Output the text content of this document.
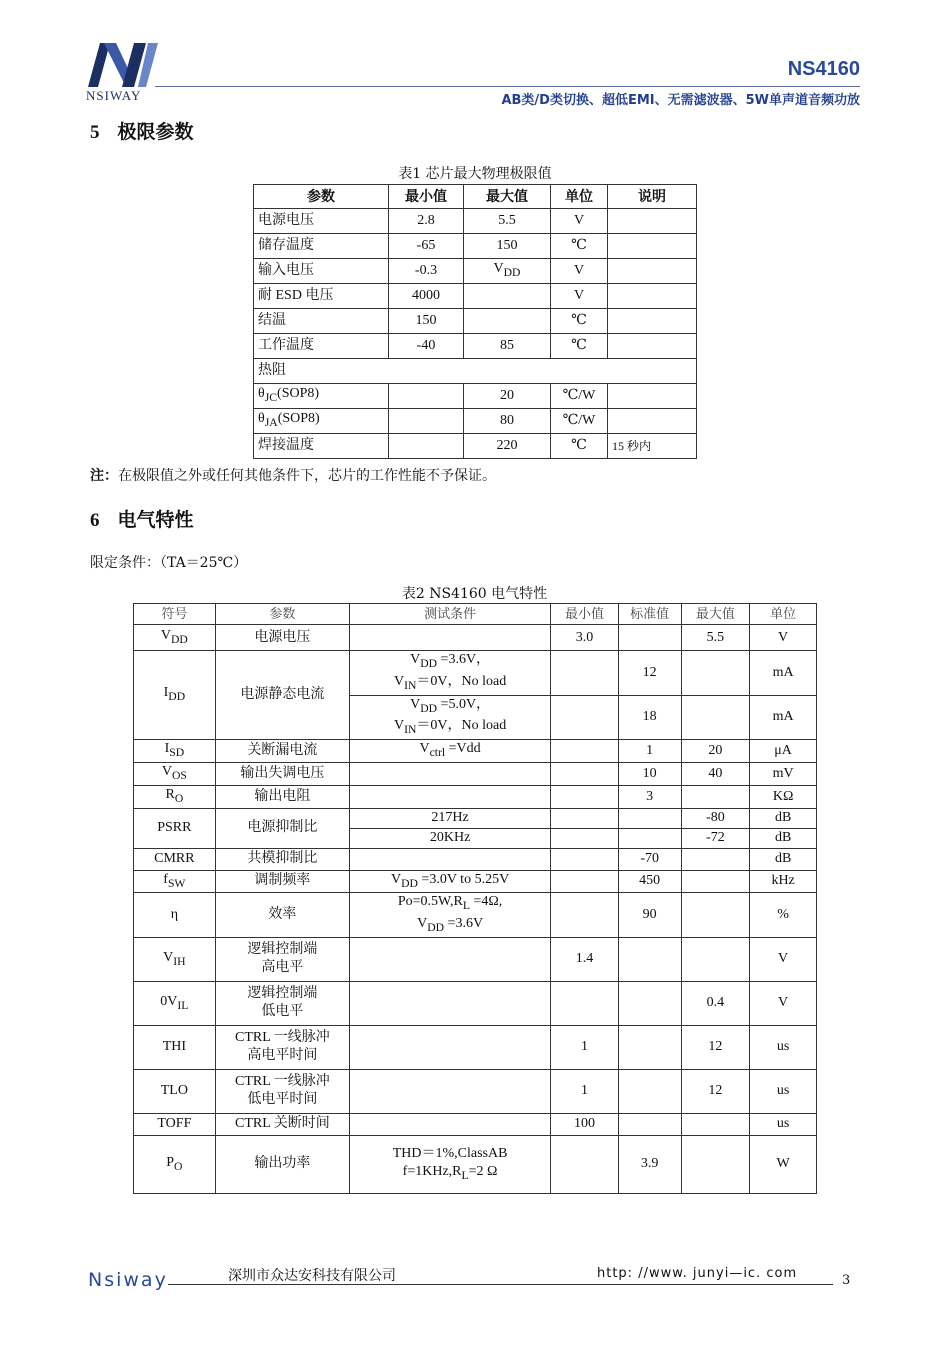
NSIWAY
NS4160
AB类/D类切换、超低EMI、无需滤波器、5W单声道音频功放
5 极限参数
表1 芯片最大物理极限值
参数	最小值	最大值	单位	说明
电源电压	2.8	5.5	V	
储存温度	-65	150	℃	
输入电压	-0.3	$V_{DD}$	V	
耐 ESD 电压	4000		V	
结温	150		℃	
工作温度	-40	85	℃	
热阻				
$\theta_{JC}(SOP8)$		20	℃/W	
$\theta_{JA}(SOP8)$		80	℃/W	
焊接温度		220	℃	15 秒内
注：在极限值之外或任何其他条件下，芯片的工作性能不予保证。
6 电气特性
限定条件：（TA＝25℃）
表2 NS4160 电气特性
符号	参数	测试条件	最小值	标准值	最大值	单位
$V_{DD}$	电源电压		3.0		5.5	V
$I_{DD}$	电源静态电流	$V_{DD} =3.6V$，
$V_{IN}=0V$，No load		12		mA

		$V_{DD} =5.0V$，
$V_{IN}=0V$，No load		18		mA
$I_{SD}$	关断漏电流	$V_{ctrl} =Vdd$		1	20	μA
$V_{OS}$	输出失调电压			10	40	mV
$R_O$	输出电阻			3		KΩ
PSRR	电源抑制比	217Hz			-80	dB
		20KHz			-72	dB
CMRR	共模抑制比			-70		dB
$f_{SW}$	调制频率	$V_{DD} =3.0V$ to 5.25V		450		kHz
η	效率	$Po=0.5W,R_L =4\Omega$,
$V_{DD} =3.6V$		90		%
$V_{IH}$	逻辑控制端
高电平		1.4			V
$0V_{IL}$	逻辑控制端
低电平				0.4	V
THI	CTRL 一线脉冲
高电平时间		1		12	us
TLO	CTRL 一线脉冲
低电平时间		1		12	us
TOFF	CTRL 关断时间		100			us
$P_O$	输出功率	THD＝1%,ClassAB
$f=1KHz,R_L=2$ Ω		3.9		W
Nsiway	深圳市众达安科技有限公司	http: //www. junyi—ic. com	3
